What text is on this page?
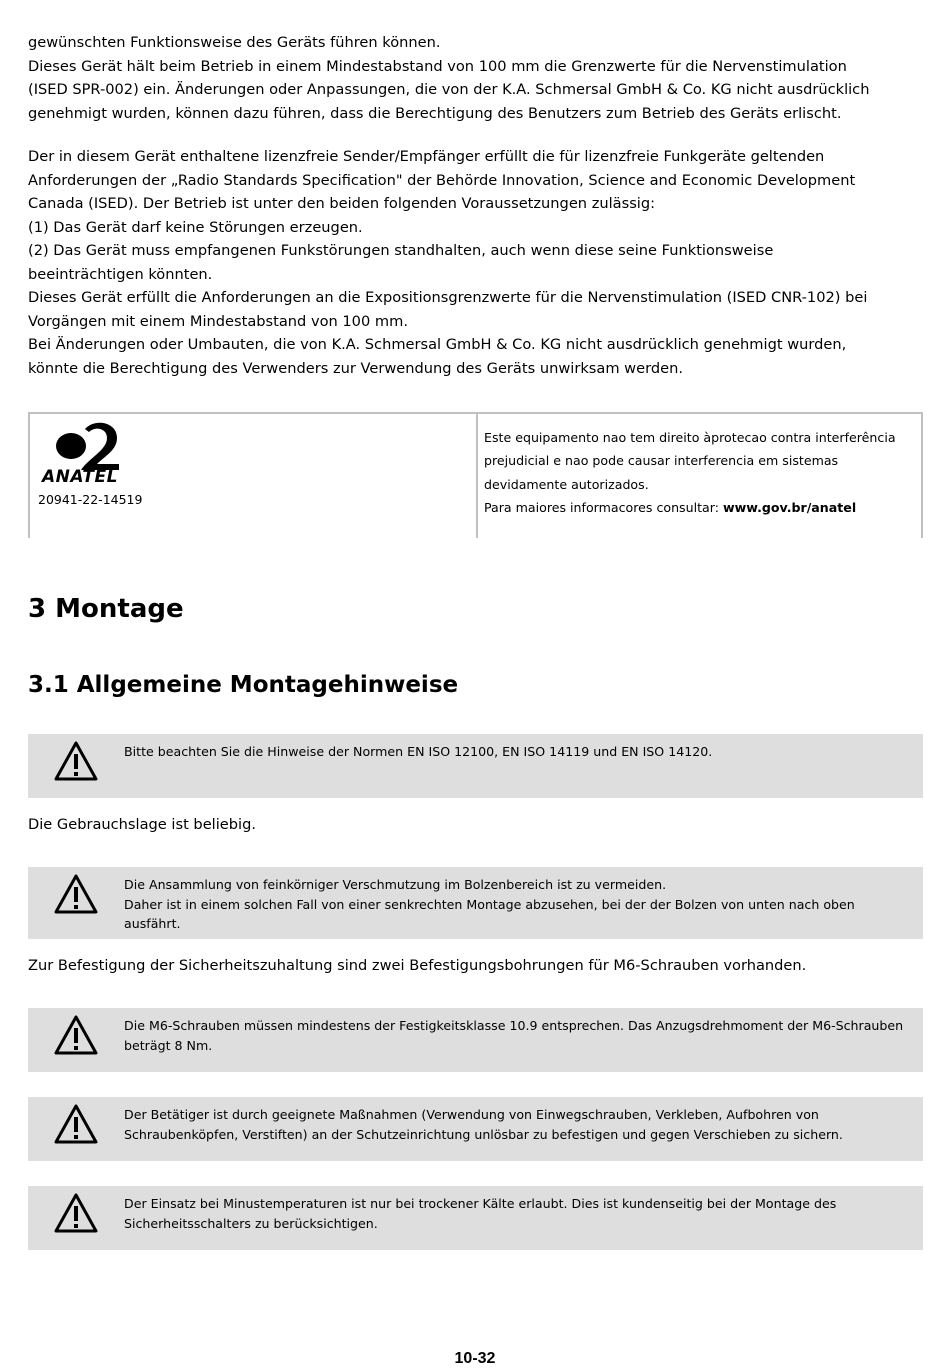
gewünschten Funktionsweise des Geräts führen können.
Dieses Gerät hält beim Betrieb in einem Mindestabstand von 100 mm die Grenzwerte für die Nervenstimulation
(ISED SPR-002) ein. Änderungen oder Anpassungen, die von der K.A. Schmersal GmbH & Co. KG nicht ausdrücklich
genehmigt wurden, können dazu führen, dass die Berechtigung des Benutzers zum Betrieb des Geräts erlischt.
Der in diesem Gerät enthaltene lizenzfreie Sender/Empfänger erfüllt die für lizenzfreie Funkgeräte geltenden
Anforderungen der „Radio Standards Specification" der Behörde Innovation, Science and Economic Development
Canada (ISED). Der Betrieb ist unter den beiden folgenden Voraussetzungen zulässig:
(1) Das Gerät darf keine Störungen erzeugen.
(2) Das Gerät muss empfangenen Funkstörungen standhalten, auch wenn diese seine Funktionsweise
beeinträchtigen könnten.
Dieses Gerät erfüllt die Anforderungen an die Expositionsgrenzwerte für die Nervenstimulation (ISED CNR-102) bei
Vorgängen mit einem Mindestabstand von 100 mm.
Bei Änderungen oder Umbauten, die von K.A. Schmersal GmbH & Co. KG nicht ausdrücklich genehmigt wurden,
könnte die Berechtigung des Verwenders zur Verwendung des Geräts unwirksam werden.
ANATEL
20941-22-14519
Este equipamento nao tem direito àprotecao contra interferência
prejudicial e nao pode causar interferencia em sistemas
devidamente autorizados.
Para maiores informacores consultar: www.gov.br/anatel
3 Montage
3.1 Allgemeine Montagehinweise
Bitte beachten Sie die Hinweise der Normen EN ISO 12100, EN ISO 14119 und EN ISO 14120.
Die Gebrauchslage ist beliebig.
Die Ansammlung von feinkörniger Verschmutzung im Bolzenbereich ist zu vermeiden.
Daher ist in einem solchen Fall von einer senkrechten Montage abzusehen, bei der der Bolzen von unten nach oben
ausfährt.
Zur Befestigung der Sicherheitszuhaltung sind zwei Befestigungsbohrungen für M6-Schrauben vorhanden.
Die M6-Schrauben müssen mindestens der Festigkeitsklasse 10.9 entsprechen. Das Anzugsdrehmoment der M6-Schrauben
beträgt 8 Nm.
Der Betätiger ist durch geeignete Maßnahmen (Verwendung von Einwegschrauben, Verkleben, Aufbohren von
Schraubenköpfen, Verstiften) an der Schutzeinrichtung unlösbar zu befestigen und gegen Verschieben zu sichern.
Der Einsatz bei Minustemperaturen ist nur bei trockener Kälte erlaubt. Dies ist kundenseitig bei der Montage des
Sicherheitsschalters zu berücksichtigen.
10-32
